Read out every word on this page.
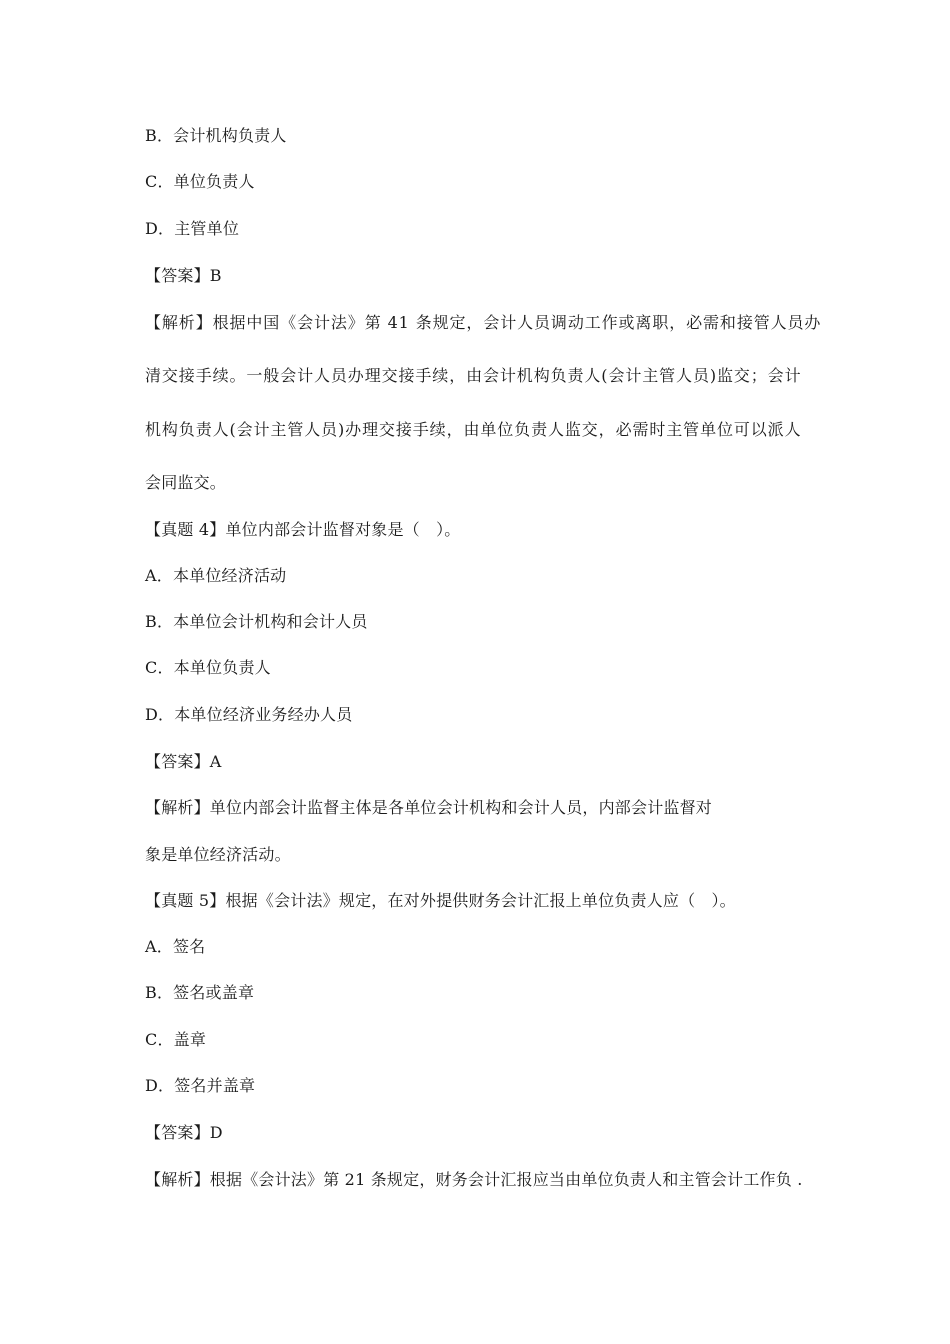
B．会计机构负责人
C．单位负责人
D．主管单位
【答案】B
【解析】根据中国《会计法》第 41 条规定，会计人员调动工作或离职，必需和接管人员办
清交接手续。一般会计人员办理交接手续，由会计机构负责人(会计主管人员)监交；会计
机构负责人(会计主管人员)办理交接手续，由单位负责人监交，必需时主管单位可以派人
会同监交。
【真题 4】单位内部会计监督对象是（　）。
A．本单位经济活动
B．本单位会计机构和会计人员
C．本单位负责人
D．本单位经济业务经办人员
【答案】A
【解析】单位内部会计监督主体是各单位会计机构和会计人员，内部会计监督对
象是单位经济活动。
【真题 5】根据《会计法》规定，在对外提供财务会计汇报上单位负责人应（　）。
A．签名
B．签名或盖章
C．盖章
D．签名并盖章
【答案】D
【解析】根据《会计法》第 21 条规定，财务会计汇报应当由单位负责人和主管会计工作负 .
